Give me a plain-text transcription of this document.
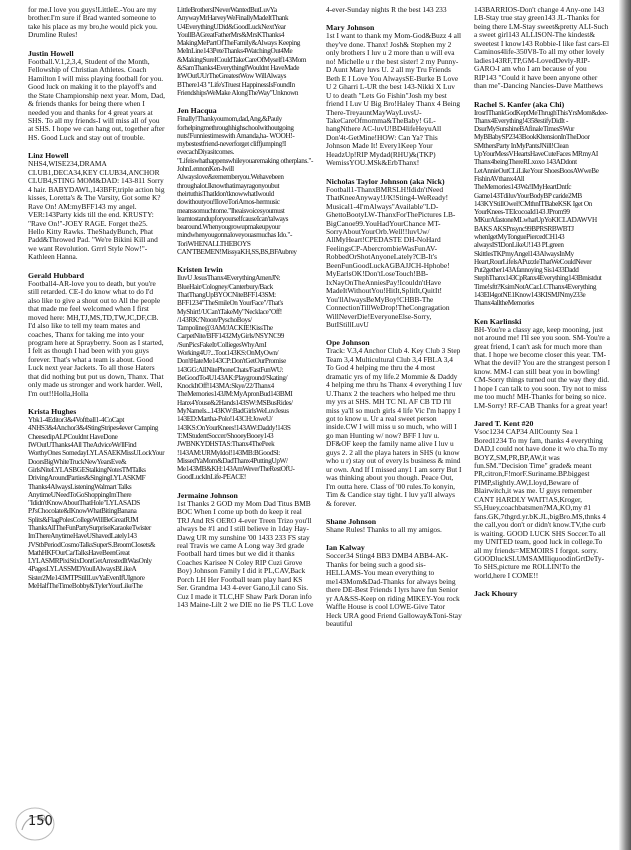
for me.I love you guys!LittleE.-You are my brother.I'm sure if Brad wanted someone to take his place as my bro,he would pick you. Drumline Rules!

Justin Howell

Football.V.1,2,3,4, Student of the Month, Fellowship of Christian Athletes. Coach Hamilton I will miss playing football for you. Good luck on making it to the playoff's and the State Championship next year. Mom, Dad, & friends thanks for being there when I needed you and thanks for 4 great years at SHS. To all my friends-I will miss all of you at SHS. I hope we can hang out, together after HS. Good Luck and stay out of trouble.

Linz Howell

NHS4,WISE234,DRAMA CLUB1,DECA34,KEY CLUB34,ANCHOR CLUB4,STING MOM&DAD: 143-811 Sorry 4 hair. BABYDAWL,143BFF,triple action big kisses, Loretta's & The Varsity, Got some K? Rave On! AM:myBFF143 my angel. VER:143Party kids till the end. KRUSTY: "Rave On!"-JOEY RAGE. Forget the25. Hello Kitty Rawks. TheShadyBunch, Phat Padd&Throwed Pad. "We're Bikini Kill and we want Revolution. Grrrl Style Now!"-Kathleen Hanna.

Gerald Hubbard

Football4-AR-love you to death, but you're still retarded. CE-I do know what to do I'd also like to give a shout out to All the people that made me feel welcomed when I first moved here: MH,TJ,MS,TD,TW,JC,DF,CB. I'd also like to tell my team mates and coaches, Thanx for taking me into your program here at Sprayberry. Soon as I started, I felt as though I had been with you guys forever. That's what a team is about. Good Luck next year Jackets. To all those Haters that did nothing but put us down, Thanx. That only made us stronger and work harder. Well, I'm out!!Holla,Holla

Krista Hughes

Ybk1-4Editor3&4Voftball1-4CoCapt 4NHS3&4Anchor3&4StingStripes4ever Camping CheesedipALPCouldnt HaveDone IWOutUThanks4All TheAdviceWe'llFind WorthyOnes SomedayLYLASAEKMissULockYour DoorsBigWhiteTruckNewYearsEve& GirlsNiteLYLASBGEStalkingNotesTMTalks DrivingAroundParties&SingingLYLASKMF Thanks4AlwaysListeningWalmart Talks AnytimeUNeedToGoShoppingImThere "Ididn'tKnowAboutThatHole"LYLASADS PJ'sChocolate&IKnowWhatBitingBanana Splits&FlagPolesCollegeWillBeGreatRJM ThanksAllTheFunPartySurpriseKaraokeTwister ImThereAnytimeHaveUShavedLately143 JVStbPeriodCosmoTalksSuperS.BroomClosets& MathHKFOurCarTalksHaveBeenGreat LYLASMRPixiStixDontGetArrestedItWasOnly 4PagesLYLASSMDYoullAlwaysBLikeA Sister2Me143MTPStillLuvYaEvenIfUIgnore MeHalfTheTimeBobby&TylerYourLikeThe

LittleBrothersINeverWantedButLuvYa AnywayMrHarveyWeFinallyMadeItThank U4EverythingUDid&GoodLuckNextYear YoullBAGreatFatherMrs&MrsKThanks4 MakingMePartOfTheFamily&Always Keeping MeInLine143PeteThanks4WatchingOut4Me &MakingSureICouldTakeCareOfMyself143Mom &SamThanks4EverythingIWouldnt HaveMade ItWOutUUrTheGreatestWow WillAlways BThere143 "Life'sTruest HappinessIsFoundIn FriendshipsWeMake AlongTheWay"Unknown

Jen Hacqua

Finally!Thankyoumom,dad,Ang,&Pauly forhelpingmethroughhighschoolwithoutgoing nuts!Funniestimeswith Amanda,ha- WOOH!-mybestestfriend-neverforget cliffjumping!I evecachDiyasitcomes. "Lifeiswhathappenswhileyouaremaking otherplans."-JohnLennonKen-Iwill Alwayslove&rememberyou.Wehavebeen throughalot.Iknowthatimayragonyoubut theirtuthisThatIdon'tknowwhatIwould dowithoutyou!IloveToriAmos-hermusic meanssomuchtome."Iheaisvoicesyoumust learntostandupforyourselfcauseIcan'talways bearound.Whenyougrowupmakeupyour mindwhenyougonnaloveyouasmuchas Ido."-ToriWHENALLTHEBOYS CAN'TBEMEN!MissyaKH,SS,BS,BFAubrey

Kristen Irwin

IluvU JesusThanx4EverythingAmenJN: BlueHair/Cologney/Canterbury/Back ThatThangUpBYOCNiteBFF143SM: BFF1234"TheSmileOn YourFace"/That's MyShirt!/UCan'tTakeMy"Necklace"Off! /143RK:'Ntoon/PyschoBoys/ Tampoline@3AM/JACKIE!KissThe CarpetNite/BFF1432MyGirls/NSYNC99 /SunPicsFakeIt/ColliegesWhyAmI Working4U?...Toot143KS:OnMyOwn/ Don'tHateMe143CP:Don'tGetOurPromise 143GG:AllNitePhoneChats/FastFunWU: BeGoodTo4U143AK:Playground/Skating/ KnockItOff!143MA:Skye/22/Thanx4 TheMemories143JM:MyApronBud143BMI Hanx4Youse&2Hands143SW:MSBusRides/ MyNamels...143KW:BadGirlsWeLuvJesus 143ED:Martha-Polo!143CH:JoweU/ 143KS:OnYourKnees!143AW:Daddy!143S T:MStudentSoccer/ShooeyBooey143 JWBNKYDHSTAS:Thanx4ThePeek !143AM:URMyIdol!143MB:BGoodSl: MissedYaMom&DadThanx4PuttingUpW/ Me143MB&KH:143AmWeverTheRestOfU- GoodLuckInLife-PEACE!

Jermaine Johnson

1st Thanks 2 GOD my Mom Dad Titus BMB BOC When I come up both do keep it real TRJ And RS OERO 4-ever Treen Trizo you'll always be #1 and I still believe in 1day Hay-Dawg UR my sunshine '00 1433 233 FS stay real Travis we came A Long way 3rd grade Football hard times but we did it thanks Coaches Karisee N Coley RIP Cuzi Grove Boy) Johnson Family I did it PL,CAV,Back Porch LH Her Football team play hard KS Ser. Grandma 143 4-ever Gano,Lil cano Sis. Cuz I made it TLC,HF Shaw Park Doran info 143 Maine-Lilt 2 we DIE no lie PS TLC Love

4-ever-Sunday nights R the best 143 233

Mary Johnson

1st I want to thank my Mom-God&Buzz 4 all they've done. Thanx! Josh& Stephen my 2 only brothers I luv u 2 more than u will eva no! Michelle u r the best sister! 2 my Punny-D Aunt Mary luvs U. 2 all my Tru Friends Beth E I Love You AlwaysSE-Burke B Love U 2 Gharri L-UR the best 143-Nikki X Luv U to death "Lets Go Fishin"Josh my best friend I Luv U Big Bro!Haley Thanx 4 Being There-TreyauntMayWayLuvsU-TakeCareOfmomma&TheBaby! GL-hangNthere AC-luvU!BD4lifeHeyuAll Don'4t-GetMine!HOW: Can Ya? This Johnson Made It! Every1Keep Your HeadzUp!RIP Mydad(RHU)&(TKP) WemissYOU.MSk&ErbThanx!

Nicholas Taylor Johnson (aka Nick)

Football1-ThanxBMRSLH!Ididn'tNeed ThatKneeAnyway!J/K!Sting4-WeReady! Musical1-4I'mAlways"Available"LD-GhettoBootyLW-ThanxForThePictures LB-BigCanoe99.YouHadYourChance MT-SorryAboutYourOrb.Well!!luvUw/ AllMyHeart!CPEDASTE DH-NoHard FeelingsCP-AbercrombieWasFunAV-RobbedOrShotAnyoneLately?CB-It's BeenFunGoodLuckAGBAJJCH-Hphobe! MyEarlsOK!Don'tLoseTouch!BB-IxNayOnTheAnniesPay!Icouldn'tHave MadeItWithoutYou!HitIt,SplitIt,QuitIt! You'llAlwaysBeMyBoy!CHBB-The ConnectionTillWeDrop!TheCongragation WillNeverDie!EveryoneElse-Sorry, ButIStillLuvU

Ope Johnson

Track: V.3,4 Anchor Club 4. Key Club 3 Step Team 3,4 Multicultural Club 3,4 FBLA 3,4 To God 4 helping me thru the 4 most dramatic yrs of my life.2 Mommie & Daddy 4 helping me thru hs Thanx 4 everything I luv U.Thanx 2 the teachers who helped me thru my yrs at SHS. MH TC NL AF CB TD I'll miss ya'll so much girls 4 life Vic I'm happy I got to know u. Ur a real sweet person inside.CW I will miss u so much, who will I go man Hunting w/ now? BFF I luv u. DF&OF keep the family name alive I luv u guys 2. 2 all the playa haters in SHS (u know who u r) stay out of every1s business & mind ur own. And If I missed any1 I am sorry But I was thinking about you though. Peace Out, I'm outta here. Class of '00 rules.To konyin, Tim & Candice stay tight. I luv ya'll always & forever.

Shane Johnson

Shane Rules! Thanks to all my amigos.

Ian Kalway

Soccer34 Sting4 BB3 DMB4 ABB4-AK-Thanks for being such a good sis-HELLAMS-You mean everything to me143Mom&Dad-Thanks for always being there DE-Best Friends I lyrs have fun Senior yr AA&SS-Keep on riding MIKEY-You rock Waffle House is cool LOWE-Give Tator Heck URA good Friend Galloway&Toni-Stay beautiful

143BARRIOS-Don't change 4 Any-one 143 LB-Stay true stay green143 JL-Thanks for being there LM-Stay sweet&pretty ALI-Such a sweet girl143 ALLISON-The kindest& sweetest I know143 Robbie-I like fast cars-El Caminos4life-350V8-To all my other lovely ladies143RF,TP,GM-LovedDevly-RIP-GARO-I am who I am because of you RIP143 "Could it have been anyone other than me"-Dancing Nancies-Dave Matthews

Rachel S. Kanfer (aka Chi)

IrosrIThankGodKeptMeThrughThisYrsMom&dee-Thanx4Everything!4358estifyDidIt -DsurMySunshineBAfinaleTimesSWur MyBBabySP2343BookKltensionInTheDoor SMthersParty InMyPantsJNill!Clean UpYourMessVHeartsHaveCuteFaces MRmyAI Thanx4beingThereRLxoxo 143ADdont LetAnnieOutCLiLikeYour ShoesBoosAWweBe FishinAVthanx4All TheMemories143Wa!IMyHeartDntfc Game143TdiluvYourBodyBP caride2MB 143KYStillOwel!CMthnITBabeKSK Iget On YourKnees-TEIcocoaId143 JProm99 MKurAfastoneMLwhatUpYoKICLADAWVH BAKS AKSPnsync99BPRSRBWBTJ whenlgetMyTonguePiercedCH143 alwaysIS'IDonLikeU!143 PLgreen SkittlesTKPmyAngel143AlwaysInMy Heart,RourLifelsAPuzzleThatWeCouldNever Put2gether143Afannoying Sis1433Dadd StephThanx143CpRanx4Everything143Bmistdut Time!sftt?KsimNotACar.LCThanx4Everything 143Ell4gotNE1Know143KISMJNmy233e Thanx4alltheMemories

Ken Karlinski

BH-You're a classy age, keep mooning, just not around me! I'll see you soon. SM-You're a great friend, I can't ask for much more than that. I hope we become closer this year. TM-What the devil? You are the strangest person I know. MM-I can still beat you in bowling! CM-Sorry things turned out the way they did. I hope I can talk to you soon. Try not to miss me too much! MH-Thanks for being so nice. LM-Sorry! RF-CAB Thanks for a great year!

Jared T. Kent #20

Vsoc1234 CAP34 AllCounty Sea 1 Bored1234 To my fam, thanks 4 everything DAD,I could not have done it w/o cha.To my BOYZ,SM,PR,BP,AW,it was fun.SM."Decision Time" grade& meant PR,citron,F!morF.Suriname.BP.biggest PIMP,slightly.AW,Lloyd,Beware of Blairwitch,it was me. U guys remember CANT HARDLY WAIT!AS,Kroger, S5,Huey,coachbatsmen?MA,KO,my #1 fans.GK,7thgrd.yr.bK.JL,bigBro.MS,thnks 4 the call,you don't or didn't know.TV,the curb is waiting. GOOD LUCK SHS Soccer.To all my UNITED team, good luck in college.To all my friends=MEMOIRS I forgot. sorry. GOODluckSLUMSAMIliquoodinGrtDeTy-To SHS,picture me ROLLIN!To the world,here I COME!!

Jack Khoury
150
